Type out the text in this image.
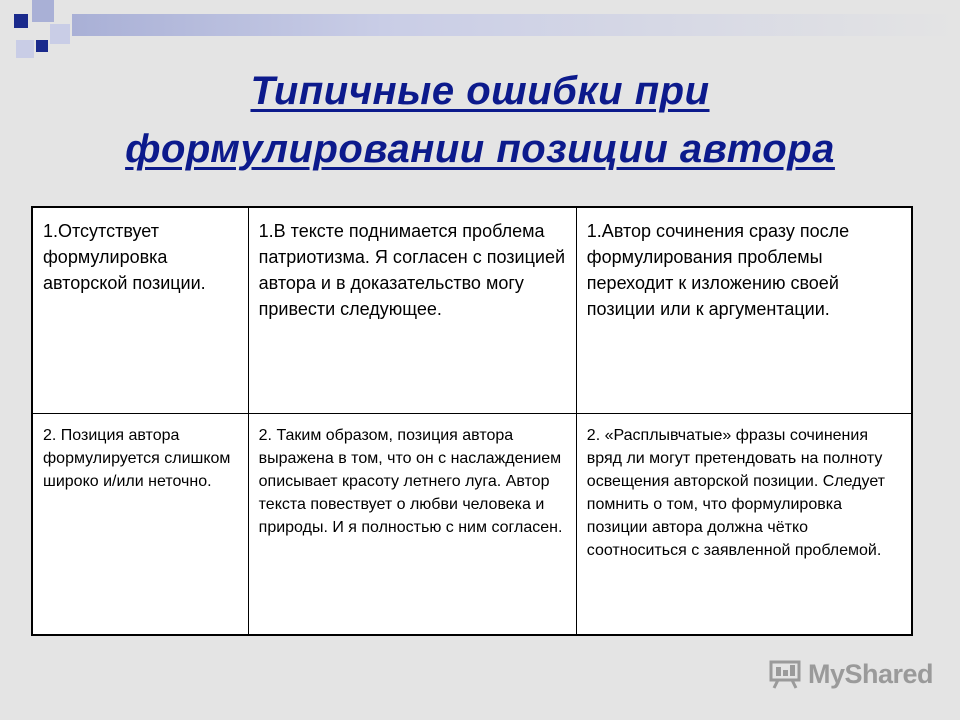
Типичные ошибки при
формулировании позиции автора
1.Отсутствует формулировка авторской позиции.	1.В тексте поднимается проблема патриотизма. Я согласен с позицией автора и в доказательство могу привести следующее.	1.Автор сочинения сразу после формулирования проблемы переходит к изложению своей позиции или к аргументации.
2. Позиция автора формулируется слишком широко и/или неточно.	2. Таким образом, позиция автора выражена в том, что он с наслаждением описывает красоту летнего луга. Автор текста повествует о любви человека и природы. И я полностью с ним согласен.	2. «Расплывчатые» фразы сочинения вряд ли могут претендовать на полноту освещения авторской позиции. Следует помнить о том, что формулировка позиции автора должна чётко соотноситься с заявленной проблемой.
MyShared
